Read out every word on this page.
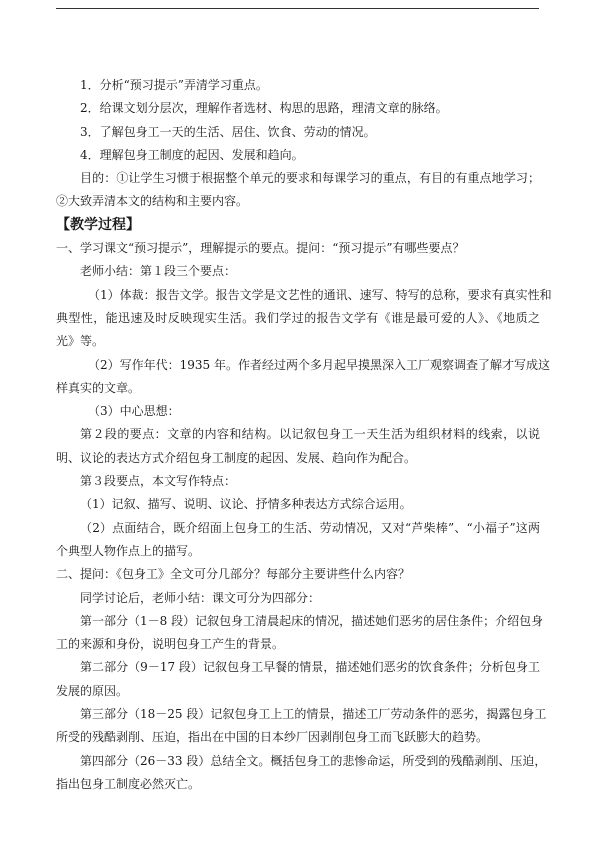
1．分析“预习提示”弄清学习重点。
2．给课文划分层次，理解作者选材、构思的思路，理清文章的脉络。
3．了解包身工一天的生活、居住、饮食、劳动的情况。
4．理解包身工制度的起因、发展和趋向。
目的：①让学生习惯于根据整个单元的要求和每课学习的重点，有目的有重点地学习；
②大致弄清本文的结构和主要内容。
【教学过程】
一、学习课文“预习提示”，理解提示的要点。提问：“预习提示”有哪些要点？
老师小结：第１段三个要点：
（1）体裁：报告文学。报告文学是文艺性的通讯、速写、特写的总称，要求有真实性和
典型性，能迅速及时反映现实生活。我们学过的报告文学有《谁是最可爱的人》、《地质之
光》等。
（2）写作年代：1935 年。作者经过两个多月起早摸黑深入工厂观察调查了解才写成这
样真实的文章。
（3）中心思想：
第２段的要点：文章的内容和结构。以记叙包身工一天生活为组织材料的线索，以说
明、议论的表达方式介绍包身工制度的起因、发展、趋向作为配合。
第３段要点，本文写作特点：
（1）记叙、描写、说明、议论、抒情多种表达方式综合运用。
（2）点面结合，既介绍面上包身工的生活、劳动情况，又对“芦柴棒”、“小福子”这两
个典型人物作点上的描写。
二、提问：《包身工》全文可分几部分？每部分主要讲些什么内容？
同学讨论后，老师小结：课文可分为四部分：
第一部分（1－8 段）记叙包身工清晨起床的情况，描述她们恶劣的居住条件；介绍包身
工的来源和身份，说明包身工产生的背景。
第二部分（9－17 段）记叙包身工早餐的情景，描述她们恶劣的饮食条件；分析包身工
发展的原因。
第三部分（18－25 段）记叙包身工上工的情景，描述工厂劳动条件的恶劣，揭露包身工
所受的残酷剥削、压迫，指出在中国的日本纱厂因剥削包身工而飞跃膨大的趋势。
第四部分（26－33 段）总结全文。概括包身工的悲惨命运，所受到的残酷剥削、压迫，
指出包身工制度必然灭亡。
